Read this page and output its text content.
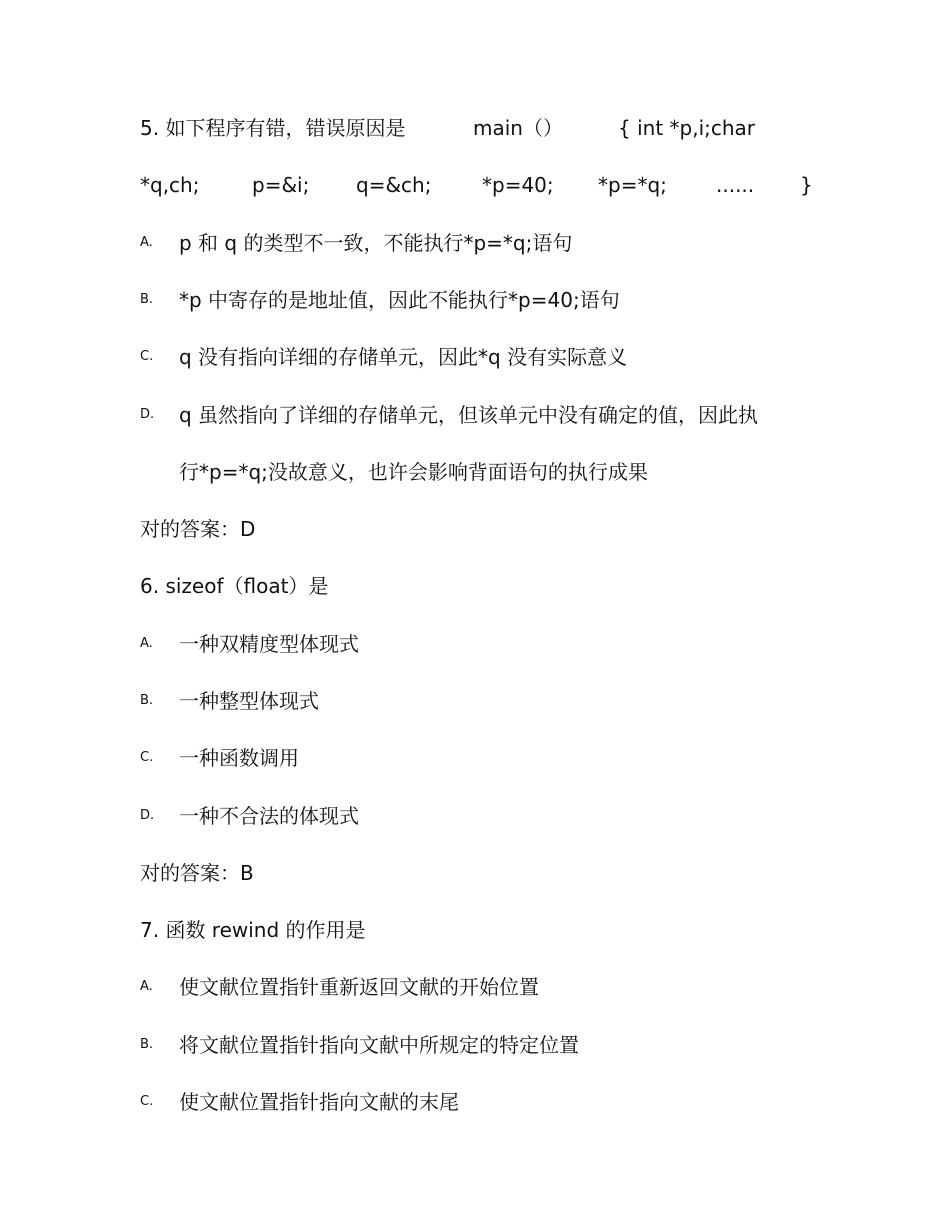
5. 如下程序有错，错误原因是	main（）	{ int *p,i;char
*q,ch;	p=&i; q=&ch;	*p=40; *p=*q; ...... }
A. p 和 q 的类型不一致，不能执行*p=*q;语句
B. *p 中寄存的是地址值，因此不能执行*p=40;语句
C. q 没有指向详细的存储单元，因此*q 没有实际意义
D. q 虽然指向了详细的存储单元，但该单元中没有确定的值，因此执
行*p=*q;没故意义，也许会影响背面语句的执行成果
对的答案：D
6. sizeof（float）是
A. 一种双精度型体现式
B. 一种整型体现式
C. 一种函数调用
D. 一种不合法的体现式
对的答案：B
7. 函数 rewind 的作用是
A. 使文献位置指针重新返回文献的开始位置
B. 将文献位置指针指向文献中所规定的特定位置
C. 使文献位置指针指向文献的末尾
